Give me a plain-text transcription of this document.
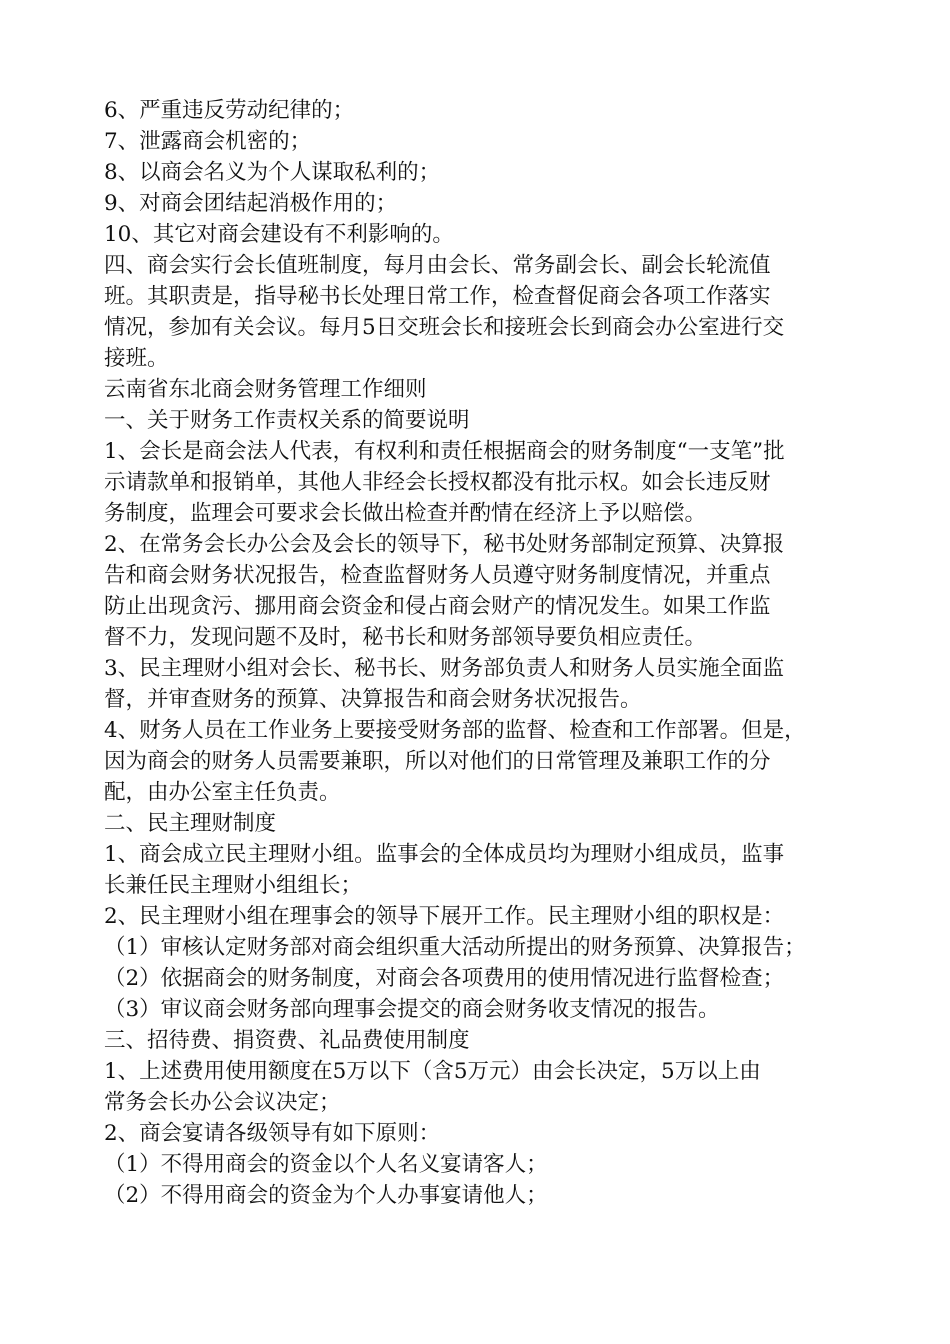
6、严重违反劳动纪律的；
7、泄露商会机密的；
8、以商会名义为个人谋取私利的；
9、对商会团结起消极作用的；
10、其它对商会建设有不利影响的。
四、商会实行会长值班制度，每月由会长、常务副会长、副会长轮流值
班。其职责是，指导秘书长处理日常工作，检查督促商会各项工作落实
情况，参加有关会议。每月5日交班会长和接班会长到商会办公室进行交
接班。
云南省东北商会财务管理工作细则
一、关于财务工作责权关系的简要说明
1、会长是商会法人代表，有权利和责任根据商会的财务制度“一支笔”批
示请款单和报销单，其他人非经会长授权都没有批示权。如会长违反财
务制度，监理会可要求会长做出检查并酌情在经济上予以赔偿。
2、在常务会长办公会及会长的领导下，秘书处财务部制定预算、决算报
告和商会财务状况报告，检查监督财务人员遵守财务制度情况，并重点
防止出现贪污、挪用商会资金和侵占商会财产的情况发生。如果工作监
督不力，发现问题不及时，秘书长和财务部领导要负相应责任。
3、民主理财小组对会长、秘书长、财务部负责人和财务人员实施全面监
督，并审查财务的预算、决算报告和商会财务状况报告。
4、财务人员在工作业务上要接受财务部的监督、检查和工作部署。但是，
因为商会的财务人员需要兼职，所以对他们的日常管理及兼职工作的分
配，由办公室主任负责。
二、民主理财制度
1、商会成立民主理财小组。监事会的全体成员均为理财小组成员，监事
长兼任民主理财小组组长；
2、民主理财小组在理事会的领导下展开工作。民主理财小组的职权是：
（1）审核认定财务部对商会组织重大活动所提出的财务预算、决算报告；
（2）依据商会的财务制度，对商会各项费用的使用情况进行监督检查；
（3）审议商会财务部向理事会提交的商会财务收支情况的报告。
三、招待费、捐资费、礼品费使用制度
1、上述费用使用额度在5万以下（含5万元）由会长决定，5万以上由
常务会长办公会议决定；
2、商会宴请各级领导有如下原则：
（1）不得用商会的资金以个人名义宴请客人；
（2）不得用商会的资金为个人办事宴请他人；
